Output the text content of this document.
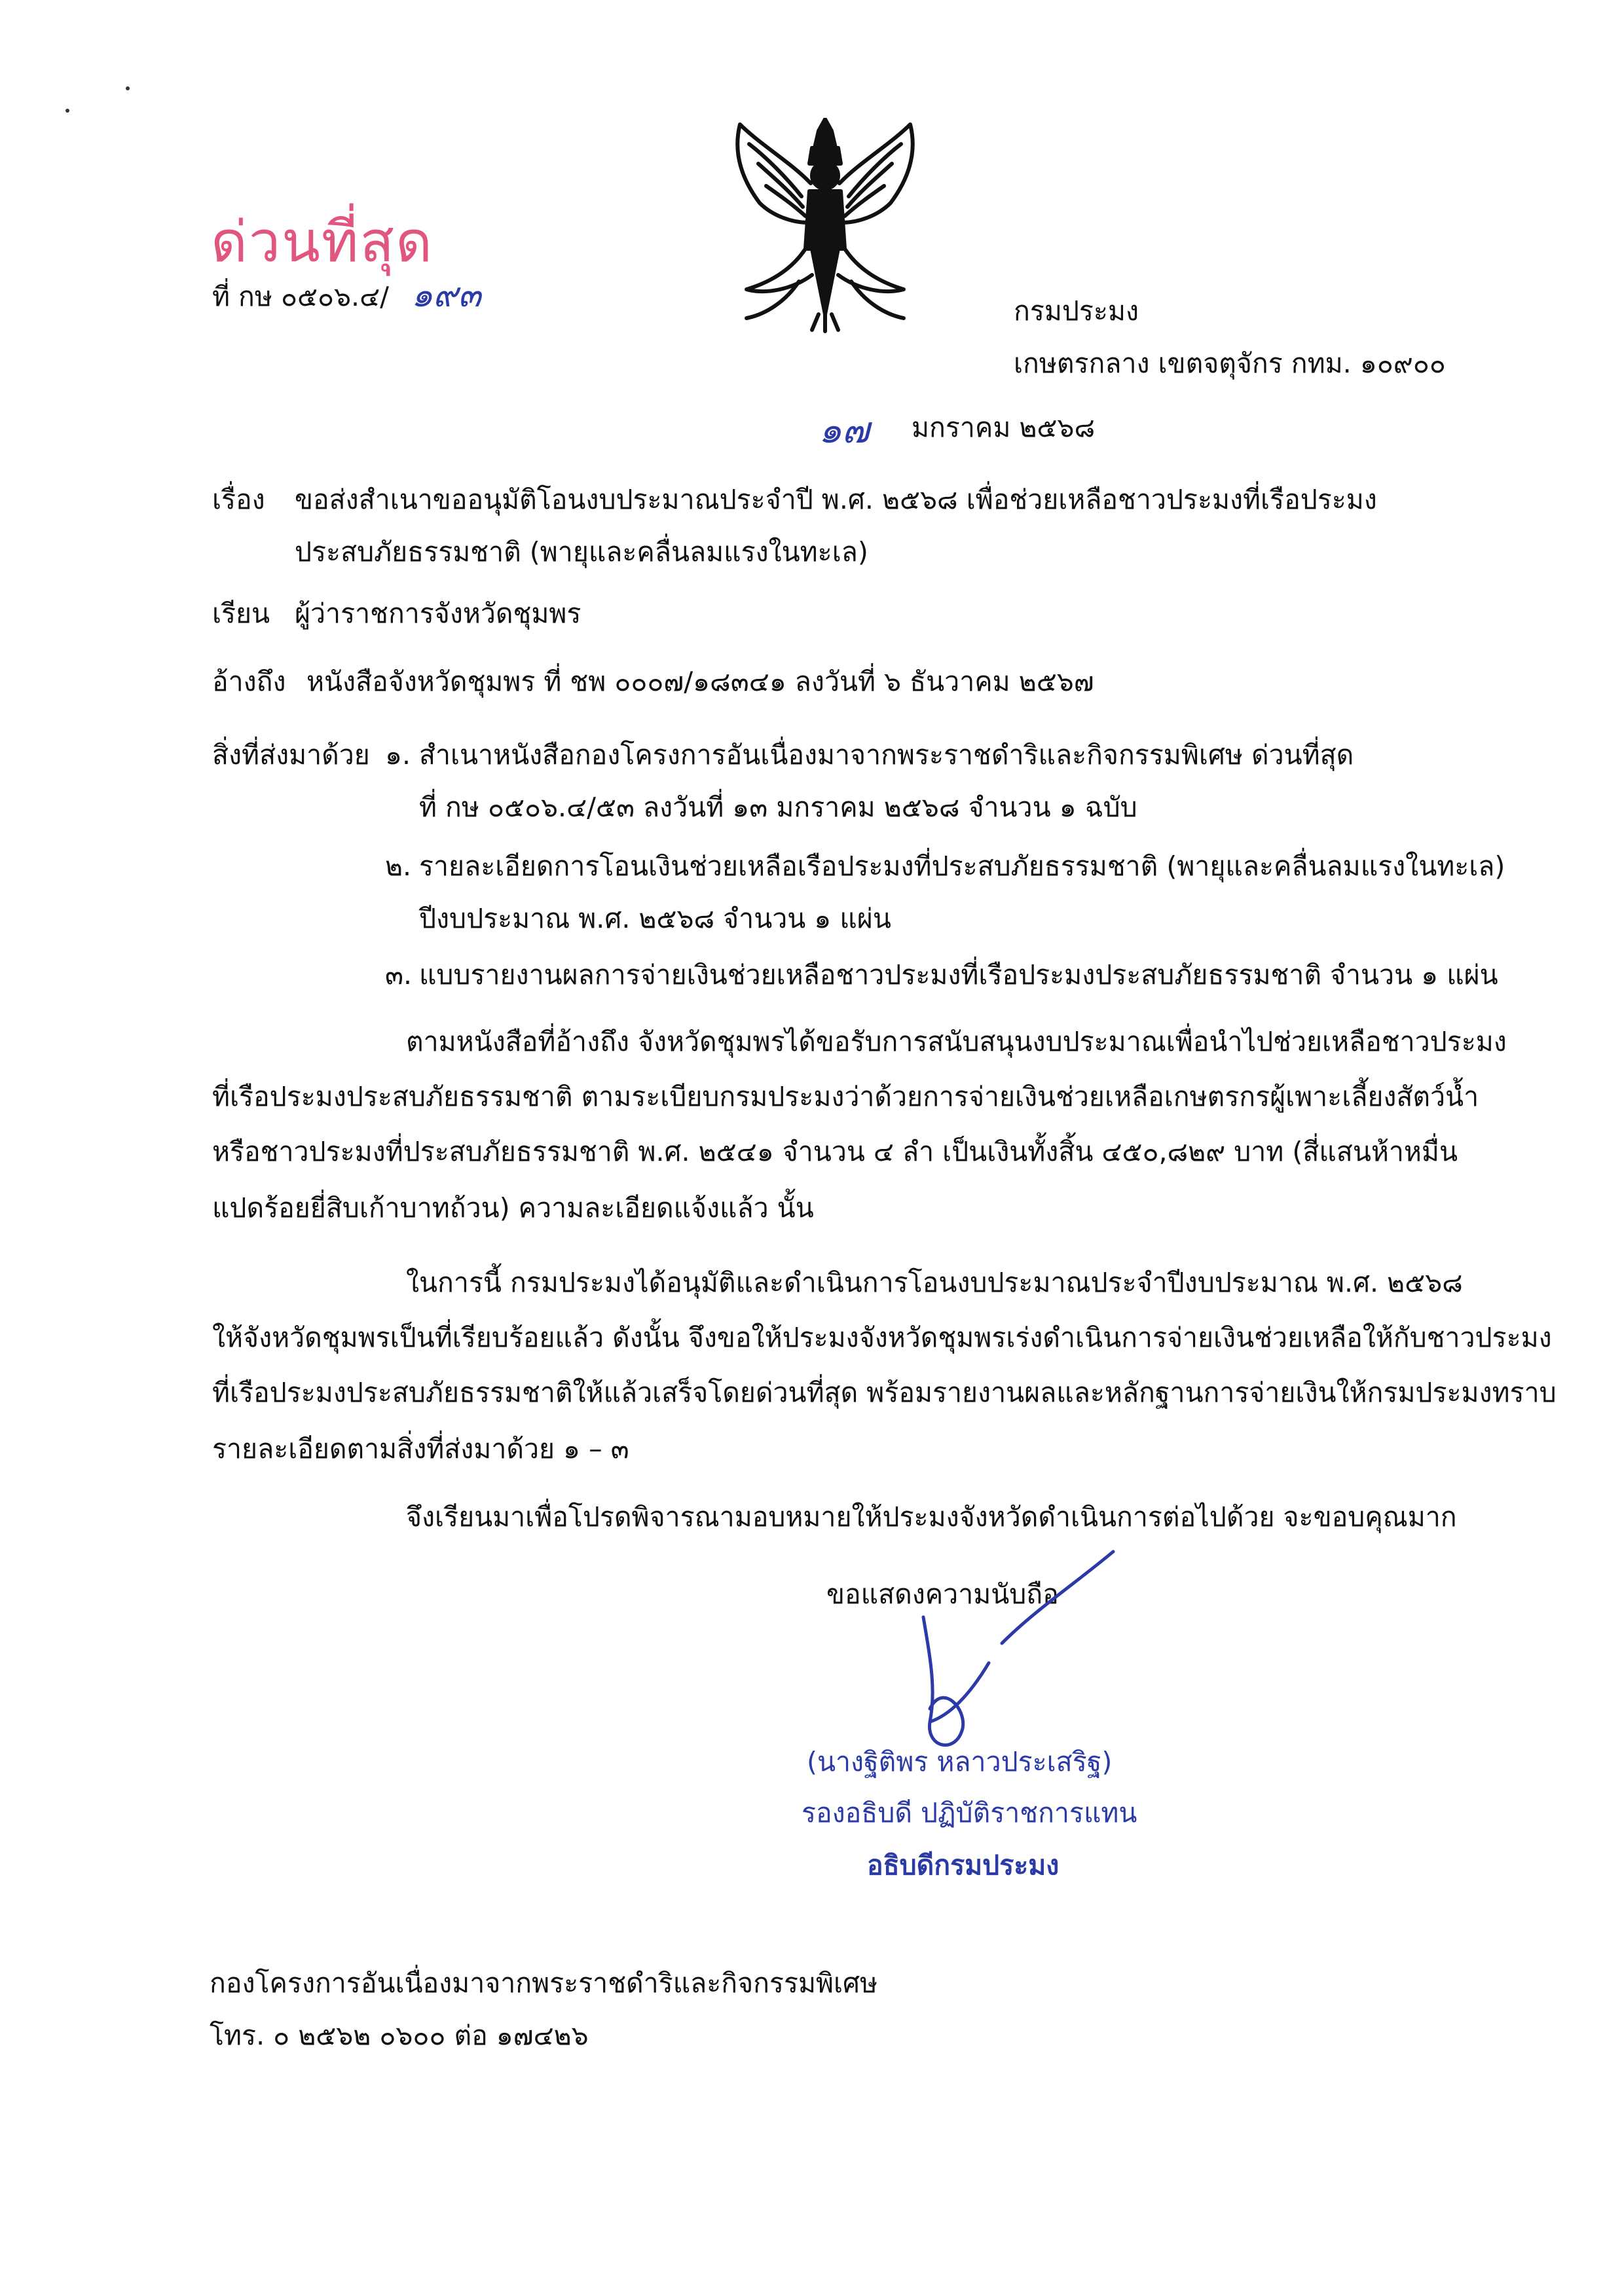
ด่วนที่สุด
ที่ กษ ๐๕๐๖.๔/ ๑๙๓	กรมประมง
เกษตรกลาง เขตจตุจักร กทม. ๑๐๙๐๐
๑๗ มกราคม ๒๕๖๘
เรื่อง ขอส่งสำเนาขออนุมัติโอนงบประมาณประจำปี พ.ศ. ๒๕๖๘ เพื่อช่วยเหลือชาวประมงที่เรือประมง
ประสบภัยธรรมชาติ (พายุและคลื่นลมแรงในทะเล)
เรียน ผู้ว่าราชการจังหวัดชุมพร
อ้างถึง หนังสือจังหวัดชุมพร ที่ ชพ ๐๐๐๗/๑๘๓๔๑ ลงวันที่ ๖ ธันวาคม ๒๕๖๗
สิ่งที่ส่งมาด้วย ๑. สำเนาหนังสือกองโครงการอันเนื่องมาจากพระราชดำริและกิจกรรมพิเศษ ด่วนที่สุด
ที่ กษ ๐๕๐๖.๔/๕๓ ลงวันที่ ๑๓ มกราคม ๒๕๖๘ จำนวน ๑ ฉบับ
๒. รายละเอียดการโอนเงินช่วยเหลือเรือประมงที่ประสบภัยธรรมชาติ (พายุและคลื่นลมแรงในทะเล)
ปีงบประมาณ พ.ศ. ๒๕๖๘ จำนวน ๑ แผ่น
๓. แบบรายงานผลการจ่ายเงินช่วยเหลือชาวประมงที่เรือประมงประสบภัยธรรมชาติ จำนวน ๑ แผ่น
ตามหนังสือที่อ้างถึง จังหวัดชุมพรได้ขอรับการสนับสนุนงบประมาณเพื่อนำไปช่วยเหลือชาวประมง
ที่เรือประมงประสบภัยธรรมชาติ ตามระเบียบกรมประมงว่าด้วยการจ่ายเงินช่วยเหลือเกษตรกรผู้เพาะเลี้ยงสัตว์น้ำ
หรือชาวประมงที่ประสบภัยธรรมชาติ พ.ศ. ๒๕๔๑ จำนวน ๔ ลำ เป็นเงินทั้งสิ้น ๔๕๐,๘๒๙ บาท (สี่แสนห้าหมื่น
แปดร้อยยี่สิบเก้าบาทถ้วน) ความละเอียดแจ้งแล้ว นั้น
ในการนี้ กรมประมงได้อนุมัติและดำเนินการโอนงบประมาณประจำปีงบประมาณ พ.ศ. ๒๕๖๘
ให้จังหวัดชุมพรเป็นที่เรียบร้อยแล้ว ดังนั้น จึงขอให้ประมงจังหวัดชุมพรเร่งดำเนินการจ่ายเงินช่วยเหลือให้กับชาวประมง
ที่เรือประมงประสบภัยธรรมชาติให้แล้วเสร็จโดยด่วนที่สุด พร้อมรายงานผลและหลักฐานการจ่ายเงินให้กรมประมงทราบ
รายละเอียดตามสิ่งที่ส่งมาด้วย ๑ – ๓
จึงเรียนมาเพื่อโปรดพิจารณามอบหมายให้ประมงจังหวัดดำเนินการต่อไปด้วย จะขอบคุณมาก
ขอแสดงความนับถือ
(นางฐิติพร หลาวประเสริฐ)
รองอธิบดี ปฏิบัติราชการแทน
อธิบดีกรมประมง
กองโครงการอันเนื่องมาจากพระราชดำริและกิจกรรมพิเศษ
โทร. ๐ ๒๕๖๒ ๐๖๐๐ ต่อ ๑๗๔๒๖
